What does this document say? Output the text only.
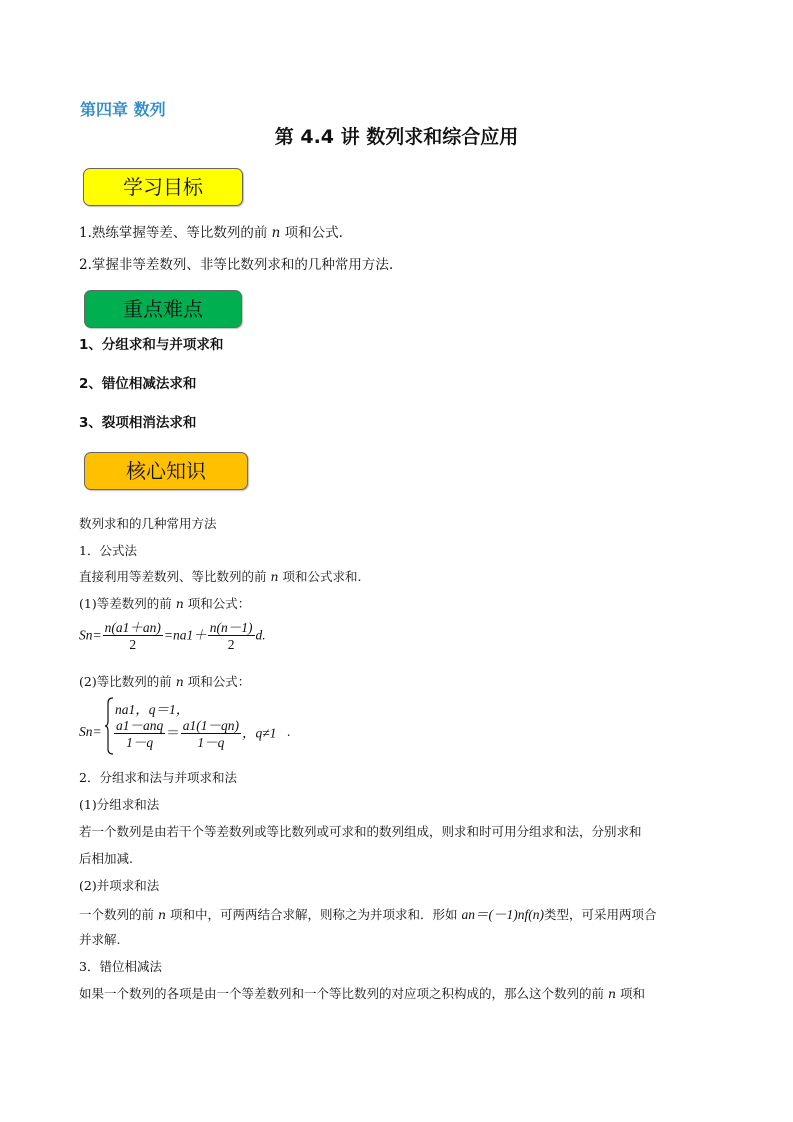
第四章 数列
第 4.4 讲 数列求和综合应用
学习目标
1.熟练掌握等差、等比数列的前 n 项和公式.
2.掌握非等差数列、非等比数列求和的几种常用方法.
重点难点
1、分组求和与并项求和
2、错位相减法求和
3、裂项相消法求和
核心知识
数列求和的几种常用方法
1．公式法
直接利用等差数列、等比数列的前 n 项和公式求和.
(1)等差数列的前 n 项和公式：
$Sn= \frac{n(a1+an)}{2} =na1+ \frac{n(n-1)}{2} d$.
(2)等比数列的前 n 项和公式：
Sn=
na1，q＝1，
$\frac{\text{a1－anq}}{1-q} = \frac{a1(1-qn)}{1-q}$ ，q≠1 .
2．分组求和法与并项求和法
(1)分组求和法
若一个数列是由若干个等差数列或等比数列或可求和的数列组成，则求和时可用分组求和法，分别求和
后相加减.
(2)并项求和法
一个数列的前 n 项和中，可两两结合求解，则称之为并项求和．形如 an＝(－1)nf(n)类型，可采用两项合
并求解.
3．错位相减法
如果一个数列的各项是由一个等差数列和一个等比数列的对应项之积构成的，那么这个数列的前 n 项和
